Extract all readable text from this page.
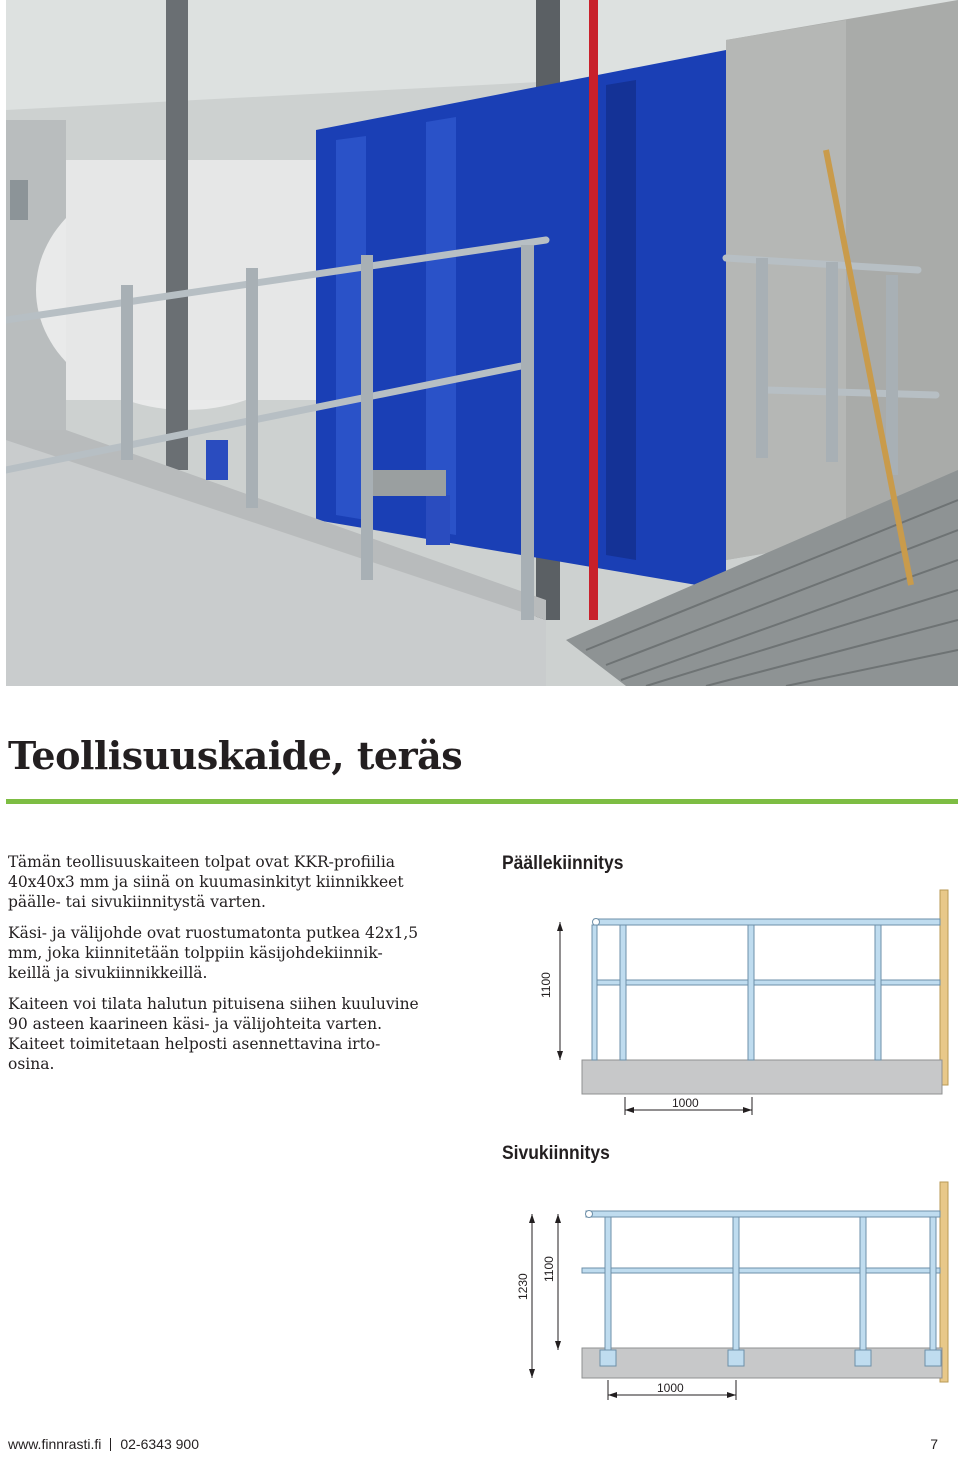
Teollisuuskaide, teräs

Tämän teollisuuskaiteen tolpat ovat KKR-profiilia
40x40x3 mm ja siinä on kuumasinkityt kiinnikkeet
päälle- tai sivukiinnitystä varten.

Käsi- ja välijohde ovat ruostumatonta putkea 42x1,5
mm, joka kiinnitetään tolppiin käsijohdekiinnik-
keillä ja sivukiinnikkeillä.

Kaiteen voi tilata halutun pituisena siihen kuuluvine
90 asteen kaarineen käsi- ja välijohteita varten.
Kaiteet toimitetaan helposti asennettavina irto-
osina.

Päällekiinnitys
1100
1000
Sivukiinnitys
1230
1100
1000
www.finnrasti.fi 02-6343 900	7
